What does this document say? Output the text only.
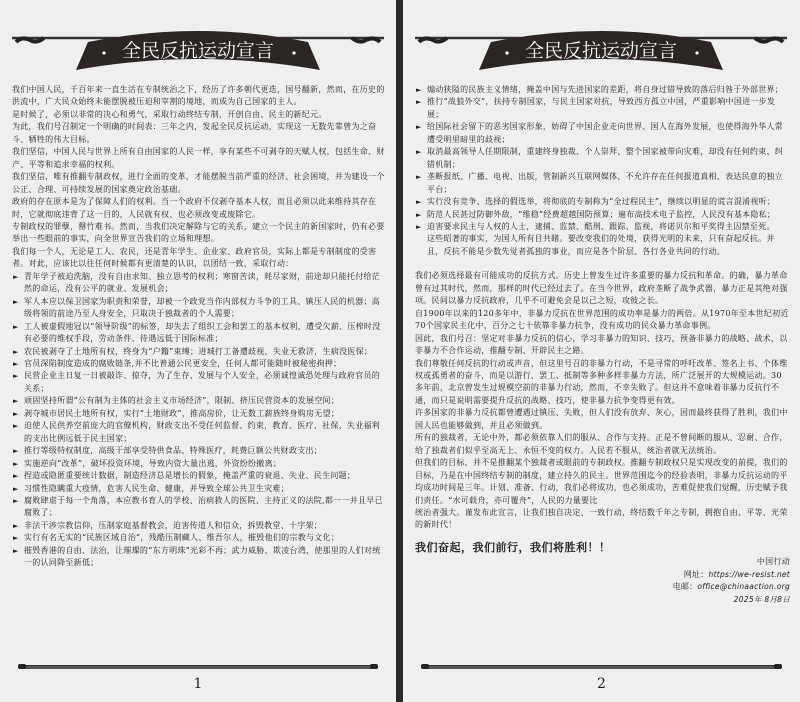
全民反抗运动宣言

我们中国人民，千百年来一直生活在专制统治之下，经历了许多朝代更迭，国号翻新，然而，在历史的洪流中，广大民众始终未能摆脱被压迫和宰割的境地，而成为自己国家的主人。

是时候了，必须以非常的决心和勇气，采取行动终结专制，开创自由、民主的新纪元。

为此，我们号召制定一个明确的时间表：三年之内，发起全民反抗运动，实现这一无数先辈曾为之奋斗、牺牲的伟大目标。

我们坚信，中国人民与世界上所有自由国家的人民一样，享有某些不可剥夺的天赋人权，包括生命、财产、平等和追求幸福的权利。

我们坚信，唯有推翻专制政权，进行全面的变革，才能摆脱当前严重的经济、社会困境，并为建设一个公正、合理、可持续发展的国家奠定政治基础。

政府的存在原本是为了保障人们的权利。当一个政府不仅剥夺基本人权，而且必须以此来维持其存在时，它就彻底违背了这一目的，人民就有权、也必须改变或废除它。

专制政权的罪孽，罄竹难书。然而，当我们决定解除与它的关系，建立一个民主的新国家时，仍有必要举出一些眼前的事实，向全世界宣告我们的立场和理想。

我们每一个人，无论是工人、农民，还是青年学生、企业家、政府官员，实际上都是专制制度的受害者。对此，应该比以往任何时候都有更清楚的认识，以团结一致，采取行动：

► 青年学子被迫洗脑，没有自由求知、独立思考的权利；寒窗苦读，耗尽家财，前途却只能托付给茫然的命运，没有公平的就业、发展机会；
► 军人本应以保卫国家为职责和荣誉，却被一个政党当作内部权力斗争的工具、镇压人民的机器；高级将领的前途乃至人身安全，只取决于独裁者的个人需要；
► 工人被虚假地冠以“领导阶级”的标签，却失去了组织工会和罢工的基本权利，遭受欠薪、压榨时没有必要的维权手段，劳动条件、待遇远低于国际标准；
► 农民被剥夺了土地所有权，终身为“户籍”束缚；进城打工备遭歧视，失业无救济，生病没医保；
► 官员深陷制度造成的腐败链条,并不比普通公民更安全，任何人都可能随时被秘密拘押；
► 民营企业主日复一日被敲诈、掠夺，为了生存、发展与个人安全，必须诚惶诚恐处理与政府官员的关系；
► 顽固坚持所谓“公有制为主体的社会主义市场经济”，限制、挤压民营资本的发展空间；
► 剥夺城市居民土地所有权，实行“土地财政”，推高房价，让无数工薪族终身购房无望；
► 迫使人民供养空前庞大的官僚机构，财政支出不受任何监督、约束，教育、医疗、社保、失业福利的支出比例远低于民主国家；
► 推行等级特权制度，高级干部享受特供食品、特殊医疗，耗费巨额公共财政支出；
► 实施逆向“改革”，破坏投资环境，导致内资大量出逃，外资纷纷撤离；
► 捏造或隐匿重要统计数据，制造经济总是增长的假象，掩盖严重的衰退、失业、民生问题；
► 习惯性隐瞒重大疫情，危害人民生命、健康，并导致全球公共卫生灾难；
► 腐败肆虐于每一个角落，本应教书育人的学校、治病救人的医院、主持正义的法院,都一一并且早已腐败了；
► 非法干涉宗教信仰，压制家庭基督教会，迫害传道人和信众，拆毁教堂、十字架；
► 实行有名无实的“民族区域自治”，残酷压制藏人、维吾尔人，摧毁他们的宗教与文化；
► 摧毁香港的自由、法治，让璀璨的“东方明珠”光彩不再；武力威胁、欺凌台湾，使那里的人们对统一的认同降至新低；
1
全民反抗运动宣言
► 煽动狭隘的民族主义情绪，掩盖中国与先进国家的差距，将自身过错导致的落后归咎于外部世界；
► 推行“战狼外交”，扶持专制国家，与民主国家对抗，导致西方孤立中国，严重影响中国进一步发展；
► 给国际社会留下的恶劣国家形象，妨碍了中国企业走向世界、国人在海外发展，也使得海外华人常遭受明里暗里的歧视；
► 取消最高领导人任期限制，重建终身独裁、个人崇拜，整个国家被带向灾难，却没有任何约束、纠错机制；
► 垄断报纸、广播、电视、出版，管制新兴互联网媒体，不允许存在任何报道真相、表达民意的独立平台；
► 实行没有竞争、选择的假选举，将彻底的专制称为“全过程民主”，继续以明显的谎言混淆视听；
► 防范人民甚过防御外敌，“维稳”经费超越国防预算；遍布高技术电子监控，人民没有基本隐私；
► 迫害要求民主与人权的人士，逮捕、监禁、酷刑、跟踪、监视，将诺贝尔和平奖得主囚禁至死。

这些昭著的事实，为国人所有目共睹。要改变我们的处境，获得光明的未来，只有奋起反抗。并且，反抗不能是少数先觉者孤独的事业，而应是各个阶层、各行各业共同的行动。

我们必须选择最有可能成功的反抗方式。历史上曾发生过许多重要的暴力反抗和革命。的确，暴力革命曾有过其时代，然而，那样的时代已经过去了。在当今世界，政府垄断了战争武器，暴力正是其绝对强项。民间以暴力反抗政府，几乎不可避免会是以己之短，攻彼之长。

自1900年以来的120多年中，非暴力反抗在世界范围的成功率是暴力的两倍。从1970年至本世纪初近70个国家民主化中，百分之七十依靠非暴力抗争，没有成功的民众暴力革命事例。

因此，我们号召：坚定对非暴力反抗的信心，学习非暴力的知识、技巧，预备非暴力的战略、战术，以非暴力不合作运动，推翻专制、开辟民主之路。

我们尊敬任何反抗的行动或声音，但这里号召的非暴力行动，不是寻常的呼吁改革、签名上书、个体维权或孤勇者的奋斗，而是以游行、罢工、抵制等多种多样非暴力方法，所广泛展开的大规模运动。30多年前，北京曾发生过规模空前的非暴力行动，然而，不幸失败了。但这并不意味着非暴力反抗行不通，而只是说明需要提升反抗的战略、技巧，使非暴力抗争变得更有效。

许多国家的非暴力反抗都曾遭遇过镇压、失败，但人们没有放弃、灰心，因而最终获得了胜利，我们中国人民也能够做到，并且必须做到。

所有的独裁者，无论中外，都必须依靠人们的服从、合作与支持。正是不曾间断的服从、忍耐、合作，给了独裁者们似乎至高无上、永恒不变的权力。人民若不服从，统治者就无法统治。

但我们的目标，并不是推翻某个独裁者或眼前的专制政权。推翻专制政权只是实现改变的前提，我们的目标，乃是在中国终结专制的制度，建立持久的民主。世界范围迄今的经验表明，非暴力反抗运动的平均成功时间是三年。计划、准备、行动，我们必将成功，也必须成功，苦难促使我们觉醒，历史赋予我们责任。“水可载舟，亦可覆舟”，人民的力量要比

统治者强大。谨发布此宣言，让我们独自决定、一致行动，终结数千年之专制，拥抱自由、平等、光荣的新时代！

我们奋起，我们前行，我们将胜利！！

中国行动
网址：https://we-resist.net
电邮：office@chinaaction.org
2025年 8月8日
2
